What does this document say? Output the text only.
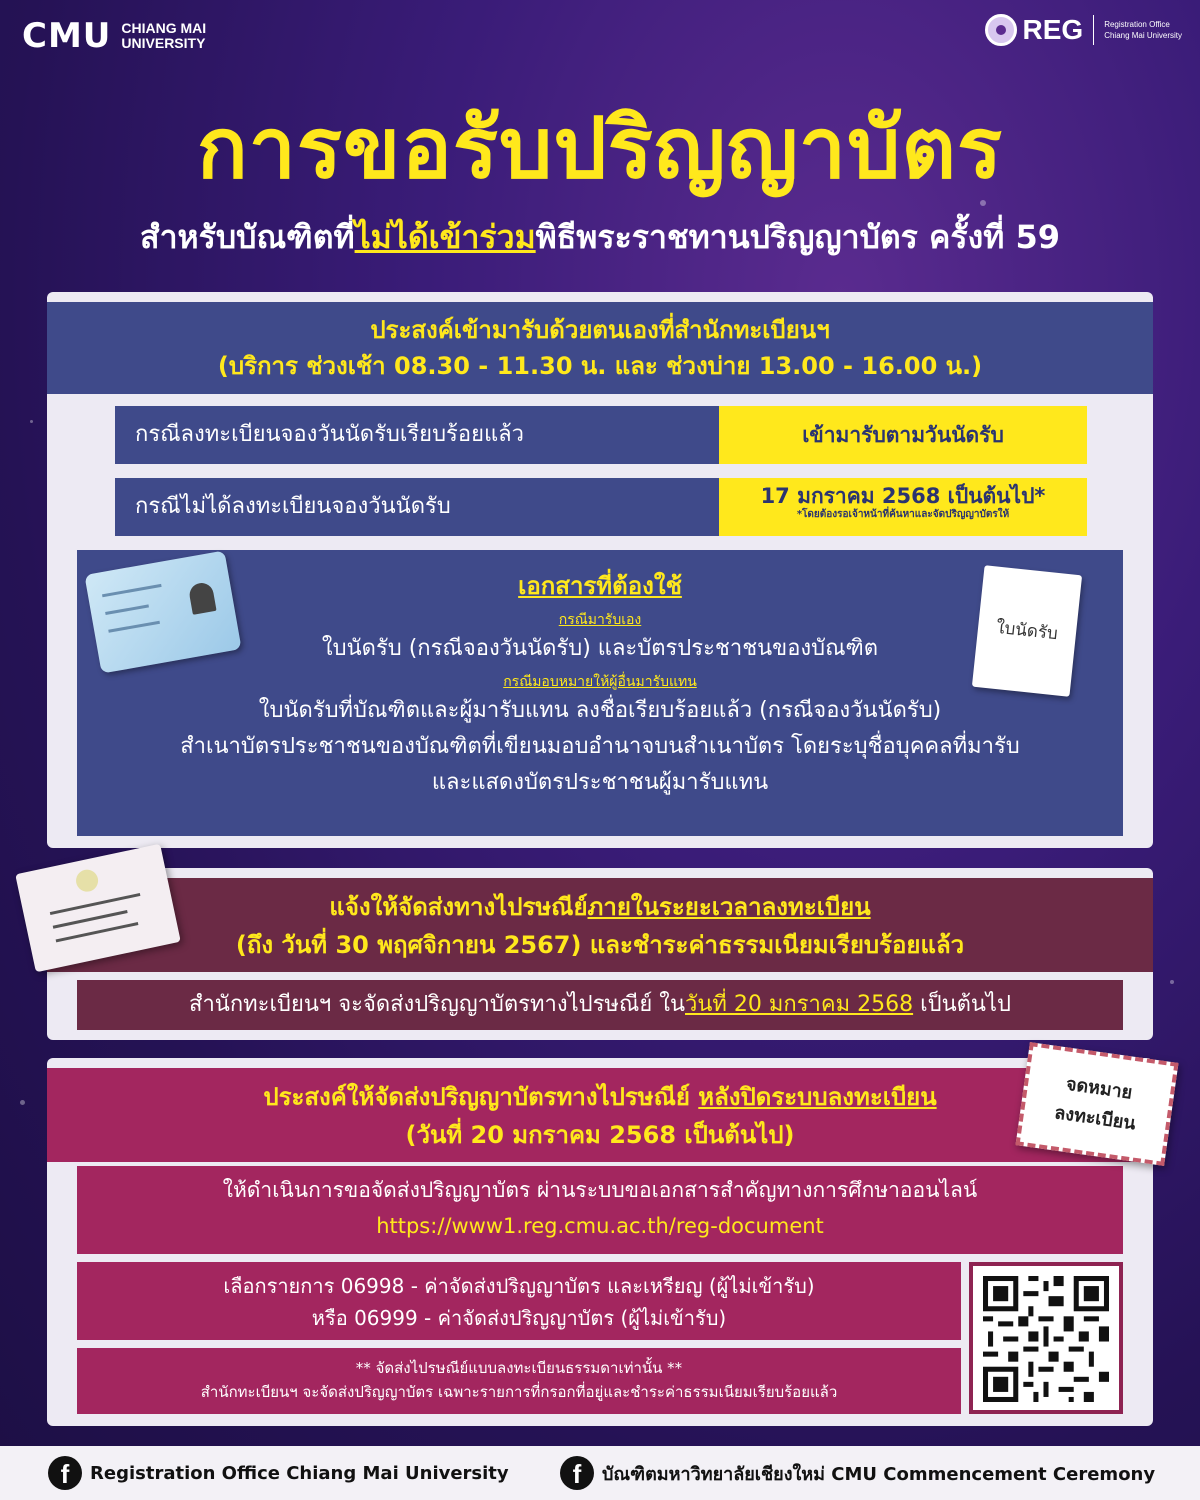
CMU CHIANG MAI
UNIVERSITY	REG	Registration Office
Chiang Mai University
การขอรับปริญญาบัตร
สำหรับบัณฑิตที่ไม่ได้เข้าร่วมพิธีพระราชทานปริญญาบัตร ครั้งที่ 59
ประสงค์เข้ามารับด้วยตนเองที่สำนักทะเบียนฯ
(บริการ ช่วงเช้า 08.30 - 11.30 น. และ ช่วงบ่าย 13.00 - 16.00 น.)
กรณีลงทะเบียนจองวันนัดรับเรียบร้อยแล้ว	เข้ามารับตามวันนัดรับ
กรณีไม่ได้ลงทะเบียนจองวันนัดรับ	17 มกราคม 2568 เป็นต้นไป*
*โดยต้องรอเจ้าหน้าที่ค้นหาและจัดปริญญาบัตรให้
เอกสารที่ต้องใช้
กรณีมารับเอง
ใบนัดรับ (กรณีจองวันนัดรับ) และบัตรประชาชนของบัณฑิต
กรณีมอบหมายให้ผู้อื่นมารับแทน
ใบนัดรับที่บัณฑิตและผู้มารับแทน ลงชื่อเรียบร้อยแล้ว (กรณีจองวันนัดรับ)
สำเนาบัตรประชาชนของบัณฑิตที่เขียนมอบอำนาจบนสำเนาบัตร โดยระบุชื่อบุคคลที่มารับ
และแสดงบัตรประชาชนผู้มารับแทน
ใบนัดรับ
แจ้งให้จัดส่งทางไปรษณีย์ภายในระยะเวลาลงทะเบียน
(ถึง วันที่ 30 พฤศจิกายน 2567) และชำระค่าธรรมเนียมเรียบร้อยแล้ว
สำนักทะเบียนฯ จะจัดส่งปริญญาบัตรทางไปรษณีย์ ในวันที่ 20 มกราคม 2568 เป็นต้นไป
ประสงค์ให้จัดส่งปริญญาบัตรทางไปรษณีย์ หลังปิดระบบลงทะเบียน
(วันที่ 20 มกราคม 2568 เป็นต้นไป)
ให้ดำเนินการขอจัดส่งปริญญาบัตร ผ่านระบบขอเอกสารสำคัญทางการศึกษาออนไลน์
https://www1.reg.cmu.ac.th/reg-document
เลือกรายการ 06998 - ค่าจัดส่งปริญญาบัตร และเหรียญ (ผู้ไม่เข้ารับ)
หรือ 06999 - ค่าจัดส่งปริญญาบัตร (ผู้ไม่เข้ารับ)
** จัดส่งไปรษณีย์แบบลงทะเบียนธรรมดาเท่านั้น **
สำนักทะเบียนฯ จะจัดส่งปริญญาบัตร เฉพาะรายการที่กรอกที่อยู่และชำระค่าธรรมเนียมเรียบร้อยแล้ว
จดหมาย
ลงทะเบียน
f	Registration Office Chiang Mai University	f	บัณฑิตมหาวิทยาลัยเชียงใหม่ CMU Commencement Ceremony
